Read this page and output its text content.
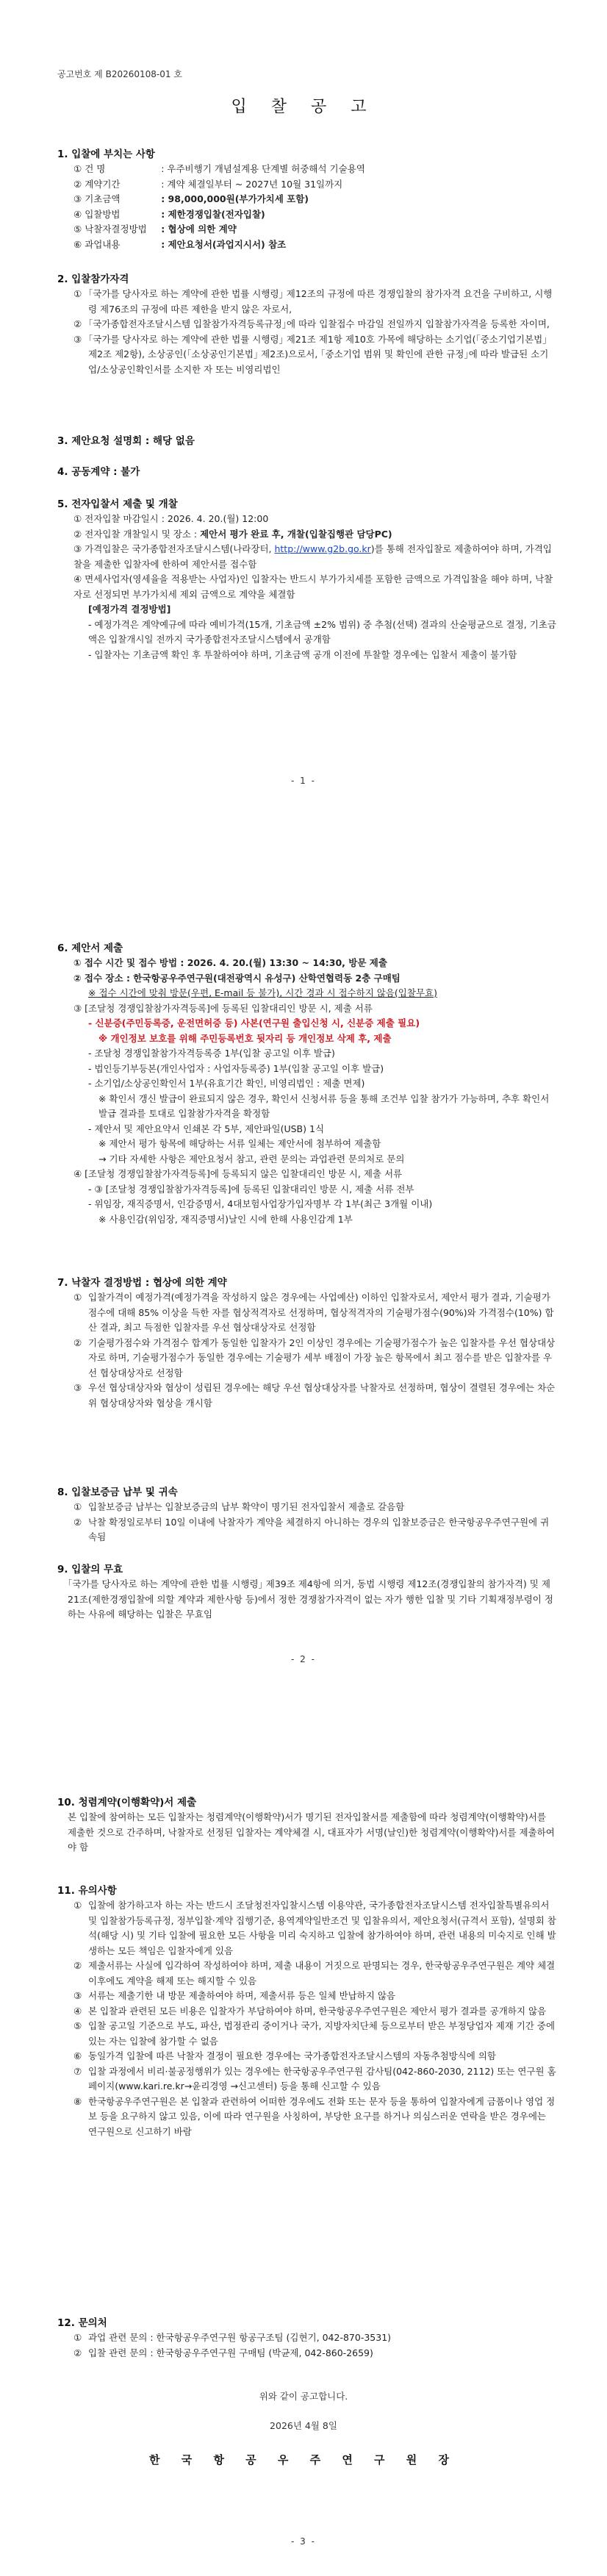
공고번호 제 B20260108-01 호
입 찰 공 고
1. 입찰에 부치는 사항
① 건 명	: 우주비행기 개념설계용 단계별 허중해석 기술용역
② 계약기간	: 계약 체결일부터 ~ 2027년 10월 31일까지
③ 기초금액	: 98,000,000원(부가가치세 포함)
④ 입찰방법	: 제한경쟁입찰(전자입찰)
⑤ 낙찰자결정방법 : 협상에 의한 계약
⑥ 과업내용	: 제안요청서(과업지시서) 참조
2. 입찰참가자격
① ｢국가를 당사자로 하는 계약에 관한 법률 시행령｣ 제12조의 규정에 따른 경쟁입찰의 참가자격 요건을 구비하고, 시행령 제76조의 규정에 따른 제한을 받지 않은 자로서,
② ｢국가종합전자조달시스템 입찰참가자격등록규정｣에 따라 입찰접수 마감일 전일까지 입찰참가자격을 등록한 자이며,
③ ｢국가를 당사자로 하는 계약에 관한 법률 시행령｣ 제21조 제1항 제10호 가목에 해당하는 소기업(｢중소기업기본법｣ 제2조 제2항), 소상공인(｢소상공인기본법｣ 제2조)으로서, ｢중소기업 범위 및 확인에 관한 규정｣에 따라 발급된 소기업/소상공인확인서를 소지한 자 또는 비영리법인
3. 제안요청 설명회 : 해당 없음
4. 공동계약 : 불가
5. 전자입찰서 제출 및 개찰
① 전자입찰 마감일시 : 2026. 4. 20.(월) 12:00
② 전자입찰 개찰일시 및 장소 : 제안서 평가 완료 후, 개찰(입찰집행관 담당PC)
③ 가격입찰은 국가종합전자조달시스템(나라장터, http://www.g2b.go.kr)를 통해 전자입찰로 제출하여야 하며, 가격입찰을 제출한 입찰자에 한하여 제안서를 접수함
④ 면세사업자(영세율을 적용받는 사업자)인 입찰자는 반드시 부가가치세를 포함한 금액으로 가격입찰을 해야 하며, 낙찰자로 선정되면 부가가치세 제외 금액으로 계약을 체결함
[예정가격 결정방법]
- 예정가격은 계약예규에 따라 예비가격(15개, 기초금액 ±2% 범위) 중 추첨(선택) 결과의 산술평균으로 결정, 기초금액은 입찰개시일 전까지 국가종합전자조달시스템에서 공개함
- 입찰자는 기초금액 확인 후 투찰하여야 하며, 기초금액 공개 이전에 투찰할 경우에는 입찰서 제출이 불가함
- 1 -
6. 제안서 제출
① 접수 시간 및 접수 방법 : 2026. 4. 20.(월) 13:30 ~ 14:30, 방문 제출
② 접수 장소 : 한국항공우주연구원(대전광역시 유성구) 산학연협력동 2층 구매팀
※ 접수 시간에 맞춰 방문(우편, E-mail 등 불가), 시간 경과 시 접수하지 않음(입찰무효)
③ [조달청 경쟁입찰참가자격등록]에 등록된 입찰대리인 방문 시, 제출 서류
- 신분증(주민등록증, 운전면허증 등) 사본(연구원 출입신청 시, 신분증 제출 필요)
※ 개인정보 보호를 위해 주민등록번호 뒷자리 등 개인정보 삭제 후, 제출
- 조달청 경쟁입찰참가자격등록증 1부(입찰 공고일 이후 발급)
- 법인등기부등본(개인사업자 : 사업자등록증) 1부(입찰 공고일 이후 발급)
- 소기업/소상공인확인서 1부(유효기간 확인, 비영리법인 : 제출 면제)
※ 확인서 갱신 발급이 완료되지 않은 경우, 확인서 신청서류 등을 통해 조건부 입찰 참가가 가능하며, 추후 확인서 발급 결과를 토대로 입찰참가자격을 확정함
- 제안서 및 제안요약서 인쇄본 각 5부, 제안파일(USB) 1식
※ 제안서 평가 항목에 해당하는 서류 일체는 제안서에 첨부하여 제출함
→ 기타 자세한 사항은 제안요청서 참고, 관련 문의는 과업관련 문의처로 문의
④ [조달청 경쟁입찰참가자격등록]에 등록되지 않은 입찰대리인 방문 시, 제출 서류
- ③ [조달청 경쟁입찰참가자격등록]에 등록된 입찰대리인 방문 시, 제출 서류 전부
- 위임장, 재직증명서, 인감증명서, 4대보험사업장가입자명부 각 1부(최근 3개월 이내)
※ 사용인감(위임장, 재직증명서)날인 시에 한해 사용인감계 1부
7. 낙찰자 결정방법 : 협상에 의한 계약
① 입찰가격이 예정가격(예정가격을 작성하지 않은 경우에는 사업예산) 이하인 입찰자로서, 제안서 평가 결과, 기술평가점수에 대해 85% 이상을 득한 자를 협상적격자로 선정하며, 협상적격자의 기술평가점수(90%)와 가격점수(10%) 합산 결과, 최고 득점한 입찰자를 우선 협상대상자로 선정함
② 기술평가점수와 가격점수 합계가 동일한 입찰자가 2인 이상인 경우에는 기술평가점수가 높은 입찰자를 우선 협상대상자로 하며, 기술평가점수가 동일한 경우에는 기술평가 세부 배점이 가장 높은 항목에서 최고 점수를 받은 입찰자를 우선 협상대상자로 선정함
③ 우선 협상대상자와 협상이 성립된 경우에는 해당 우선 협상대상자를 낙찰자로 선정하며, 협상이 결렬된 경우에는 차순위 협상대상자와 협상을 개시함
8. 입찰보증금 납부 및 귀속
① 입찰보증금 납부는 입찰보증금의 납부 확약이 명기된 전자입찰서 제출로 갈음함
② 낙찰 확정일로부터 10일 이내에 낙찰자가 계약을 체결하지 아니하는 경우의 입찰보증금은 한국항공우주연구원에 귀속됨
9. 입찰의 무효
｢국가를 당사자로 하는 계약에 관한 법률 시행령｣ 제39조 제4항에 의거, 동법 시행령 제12조(경쟁입찰의 참가자격) 및 제21조(제한경쟁입찰에 의할 계약과 제한사항 등)에서 정한 경쟁참가자격이 없는 자가 행한 입찰 및 기타 기획재정부령이 정하는 사유에 해당하는 입찰은 무효임
- 2 -
10. 청렴계약(이행확약)서 제출
본 입찰에 참여하는 모든 입찰자는 청렴계약(이행확약)서가 명기된 전자입찰서를 제출함에 따라 청렴계약(이행확약)서를 제출한 것으로 간주하며, 낙찰자로 선정된 입찰자는 계약체결 시, 대표자가 서명(날인)한 청렴계약(이행확약)서를 제출하여야 함
11. 유의사항
① 입찰에 참가하고자 하는 자는 반드시 조달청전자입찰시스템 이용약관, 국가종합전자조달시스템 전자입찰특별유의서 및 입찰참가등록규정, 정부입찰·계약 집행기준, 용역계약일반조건 및 입찰유의서, 제안요청서(규격서 포함), 설명회 참석(해당 시) 및 기타 입찰에 필요한 모든 사항을 미리 숙지하고 입찰에 참가하여야 하며, 관련 내용의 미숙지로 인해 발생하는 모든 책임은 입찰자에게 있음
② 제출서류는 사실에 입각하여 작성하여야 하며, 제출 내용이 거짓으로 판명되는 경우, 한국항공우주연구원은 계약 체결 이후에도 계약을 해제 또는 해지할 수 있음
③ 서류는 제출기한 내 방문 제출하여야 하며, 제출서류 등은 일체 반납하지 않음
④ 본 입찰과 관련된 모든 비용은 입찰자가 부담하여야 하며, 한국항공우주연구원은 제안서 평가 결과를 공개하지 않음
⑤ 입찰 공고일 기준으로 부도, 파산, 법정관리 중이거나 국가, 지방자치단체 등으로부터 받은 부정당업자 제재 기간 중에 있는 자는 입찰에 참가할 수 없음
⑥ 동일가격 입찰에 따른 낙찰자 결정이 필요한 경우에는 국가종합전자조달시스템의 자동추첨방식에 의함
⑦ 입찰 과정에서 비리·불공정행위가 있는 경우에는 한국항공우주연구원 감사팀(042-860-2030, 2112) 또는 연구원 홈페이지(www.kari.re.kr→윤리경영 →신고센터) 등을 통해 신고할 수 있음
⑧ 한국항공우주연구원은 본 입찰과 관련하여 어떠한 경우에도 전화 또는 문자 등을 통하여 입찰자에게 금품이나 영업 정보 등을 요구하지 않고 있음, 이에 따라 연구원을 사칭하여, 부당한 요구를 하거나 의심스러운 연락을 받은 경우에는 연구원으로 신고하기 바람
12. 문의처
① 과업 관련 문의 : 한국항공우주연구원 항공구조팀 (김현기, 042-870-3531)
② 입찰 관련 문의 : 한국항공우주연구원 구매팀 (박균제, 042-860-2659)
위와 같이 공고합니다.
2026년 4월 8일
한 국 항 공 우 주 연 구 원 장
- 3 -
